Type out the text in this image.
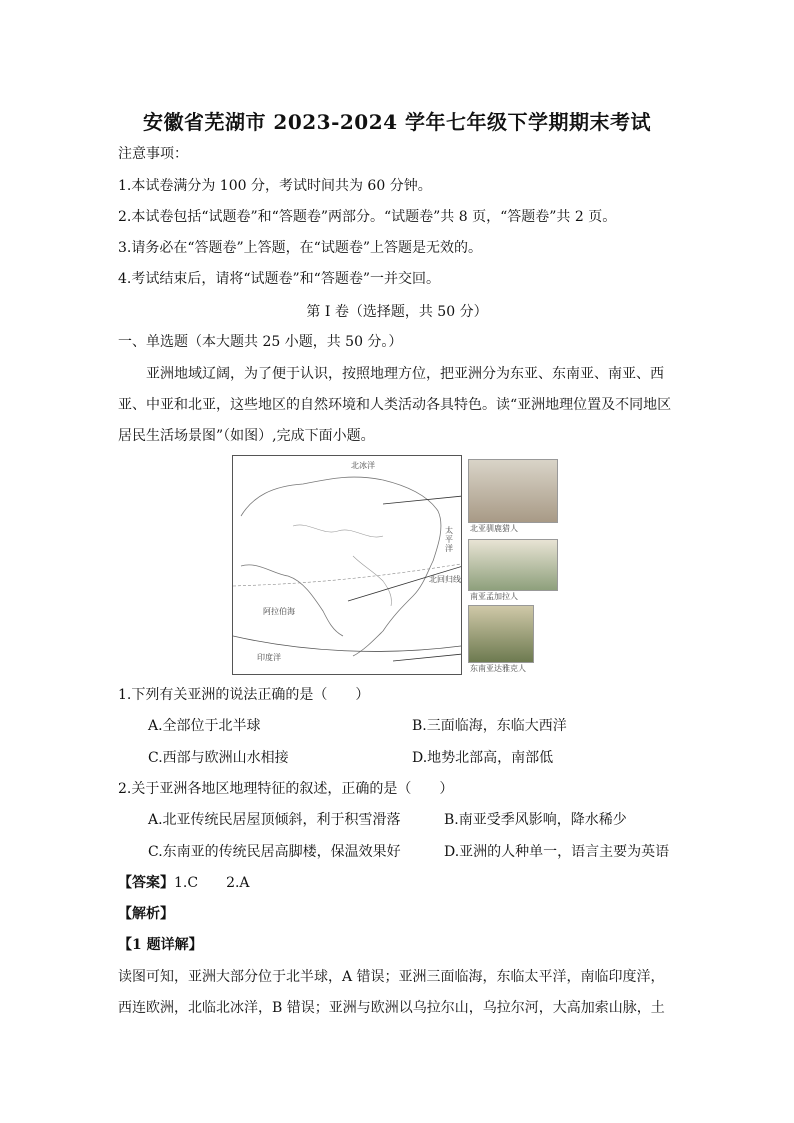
安徽省芜湖市 2023-2024 学年七年级下学期期末考试
注意事项：
1.本试卷满分为 100 分，考试时间共为 60 分钟。
2.本试卷包括“试题卷”和“答题卷”两部分。“试题卷”共 8 页，“答题卷”共 2 页。
3.请务必在“答题卷”上答题，在“试题卷”上答题是无效的。
4.考试结束后，请将“试题卷”和“答题卷”一并交回。
第 I 卷（选择题，共 50 分）
一、单选题（本大题共 25 小题，共 50 分。）
亚洲地域辽阔，为了便于认识，按照地理方位，把亚洲分为东亚、东南亚、南亚、西
亚、中亚和北亚，这些地区的自然环境和人类活动各具特色。读“亚洲地理位置及不同地区
居民生活场景图”（如图）,完成下面小题。
北冰洋
太平洋
北回归线
阿拉伯海
印度洋
北亚驯鹿猎人
南亚孟加拉人
东南亚达雅克人
1.下列有关亚洲的说法正确的是（　　）
A.全部位于北半球	B.三面临海，东临大西洋
C.西部与欧洲山水相接	D.地势北部高，南部低
2.关于亚洲各地区地理特征的叙述，正确的是（　　）
A.北亚传统民居屋顶倾斜，利于积雪滑落	B.南亚受季风影响，降水稀少
C.东南亚的传统民居高脚楼，保温效果好	D.亚洲的人种单一，语言主要为英语
【答案】1.C　　2.A
【解析】
【1 题详解】
读图可知，亚洲大部分位于北半球，A 错误；亚洲三面临海，东临太平洋，南临印度洋，
西连欧洲，北临北冰洋，B 错误；亚洲与欧洲以乌拉尔山，乌拉尔河，大高加索山脉，土
